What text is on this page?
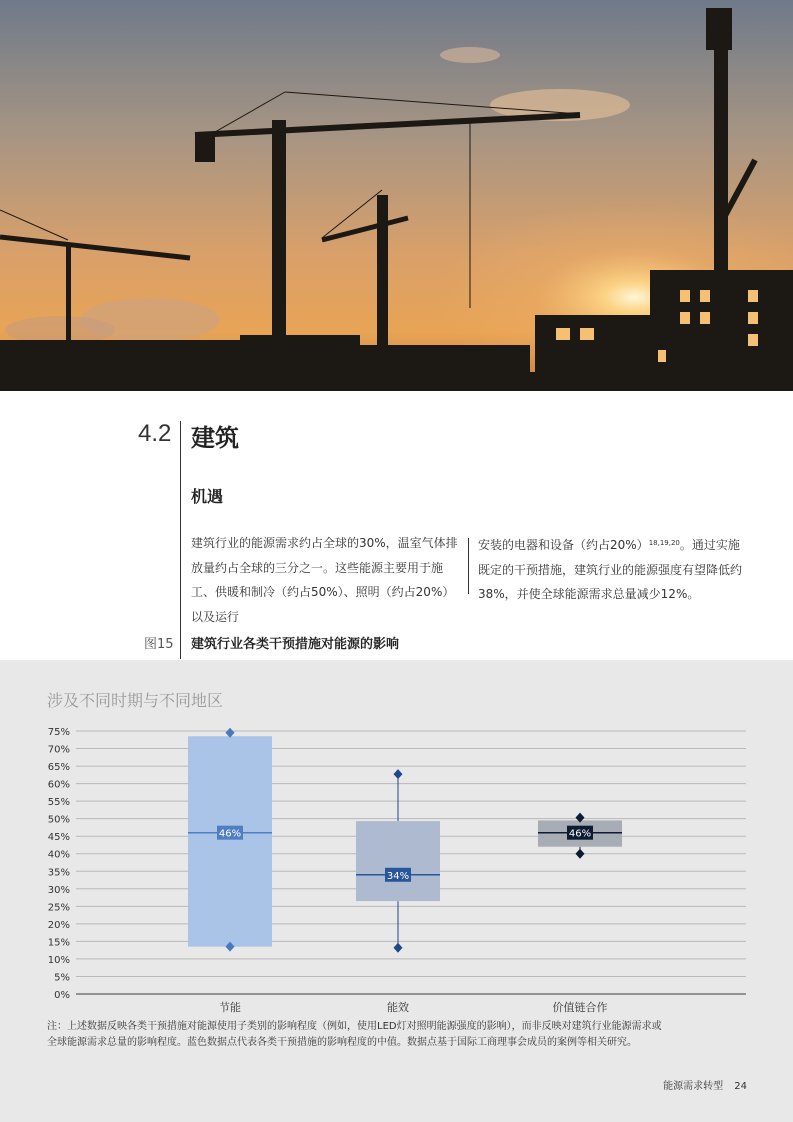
4.2 建筑
机遇

建筑行业的能源需求约占全球的30%，温室气体排放量约占全球的三分之一。这些能源主要用于施工、供暖和制冷（约占50%）、照明（约占20%）以及运行

安装的电器和设备（约占20%）$^{18,19,20}$。通过实施既定的干预措施，建筑行业的能源强度有望降低约38%，并使全球能源需求总量减少12%。

图15 建筑行业各类干预措施对能源的影响
涉及不同时期与不同地区
0%
5%
10%
15%
20%
25%
30%
35%
40%
45%
50%
55%
60%
65%
70%
75%
46%
节能
34%
能效
46%
价值链合作

注：上述数据反映各类干预措施对能源使用子类别的影响程度（例如，使用LED灯对照明能源强度的影响），而非反映对建筑行业能源需求或

全球能源需求总量的影响程度。蓝色数据点代表各类干预措施的影响程度的中值。数据点基于国际工商理事会成员的案例等相关研究。

能源需求转型 24
